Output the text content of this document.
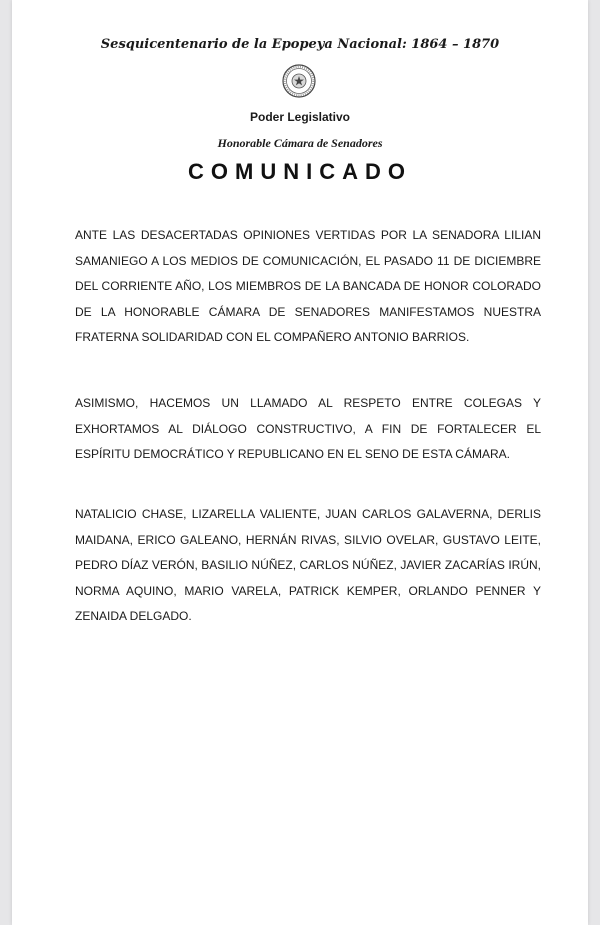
Sesquicentenario de la Epopeya Nacional: 1864 – 1870
Poder Legislativo
Honorable Cámara de Senadores
COMUNICADO
ANTE LAS DESACERTADAS OPINIONES VERTIDAS POR LA SENADORA LILIAN
SAMANIEGO A LOS MEDIOS DE COMUNICACIÓN, EL PASADO 11 DE DICIEMBRE
DEL CORRIENTE AÑO, LOS MIEMBROS DE LA BANCADA DE HONOR COLORADO
DE LA HONORABLE CÁMARA DE SENADORES MANIFESTAMOS NUESTRA
FRATERNA SOLIDARIDAD CON EL COMPAÑERO ANTONIO BARRIOS.
ASIMISMO, HACEMOS UN LLAMADO AL RESPETO ENTRE COLEGAS Y
EXHORTAMOS AL DIÁLOGO CONSTRUCTIVO, A FIN DE FORTALECER EL
ESPÍRITU DEMOCRÁTICO Y REPUBLICANO EN EL SENO DE ESTA CÁMARA.
NATALICIO CHASE, LIZARELLA VALIENTE, JUAN CARLOS GALAVERNA, DERLIS
MAIDANA, ERICO GALEANO, HERNÁN RIVAS, SILVIO OVELAR, GUSTAVO LEITE,
PEDRO DÍAZ VERÓN, BASILIO NÚÑEZ, CARLOS NÚÑEZ, JAVIER ZACARÍAS IRÚN,
NORMA AQUINO, MARIO VARELA, PATRICK KEMPER, ORLANDO PENNER Y
ZENAIDA DELGADO.
